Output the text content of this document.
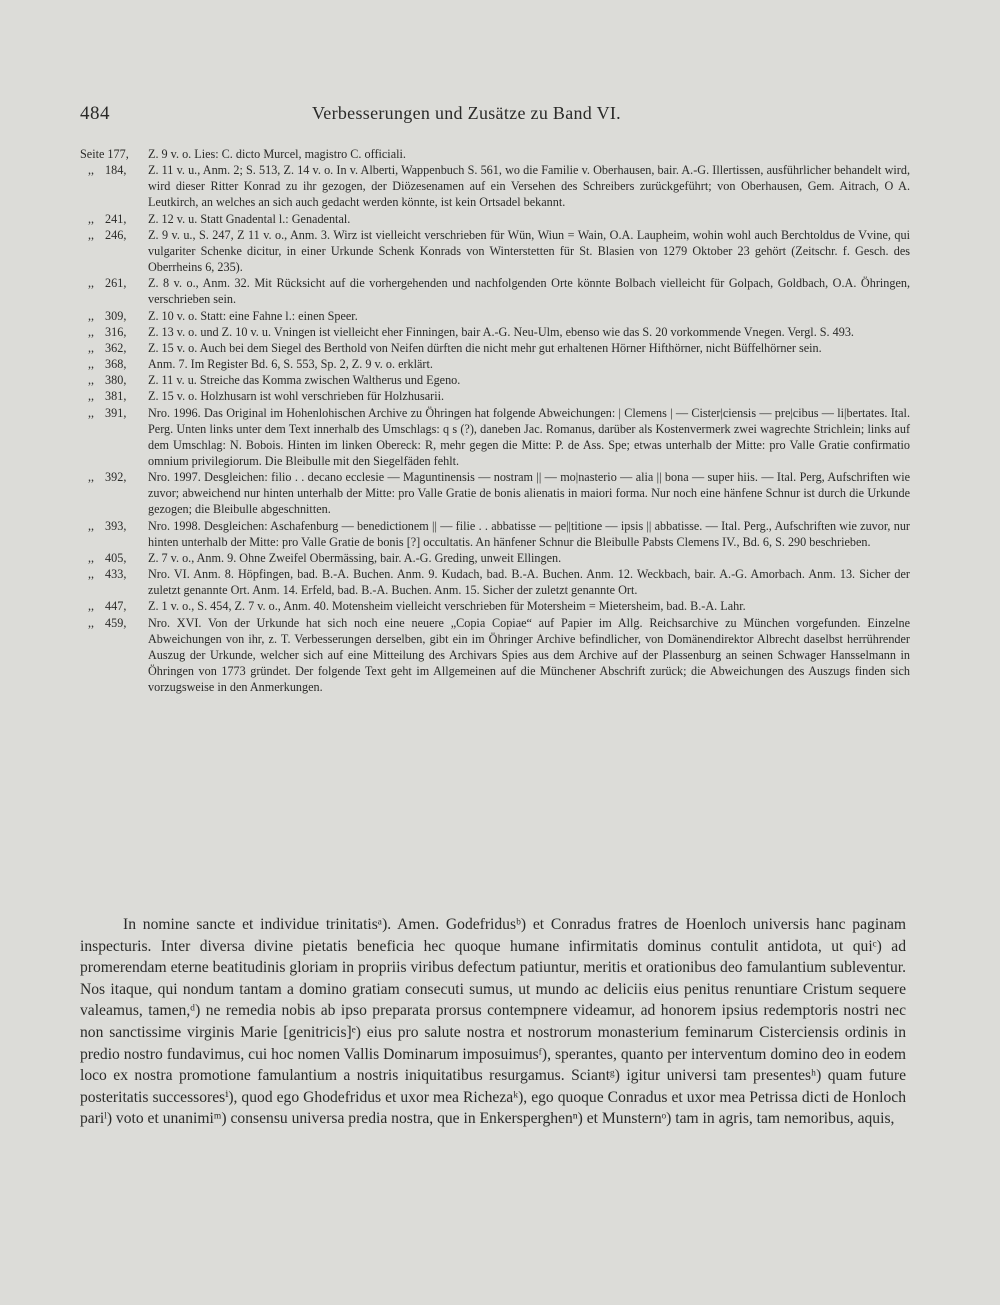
484	Verbesserungen und Zusätze zu Band VI.
Seite 177,	Z. 9 v. o. Lies: C. dicto Murcel, magistro C. officiali.
,, 184,	Z. 11 v. u., Anm. 2; S. 513, Z. 14 v. o. In v. Alberti, Wappenbuch S. 561, wo die Familie v. Oberhausen, bair. A.-G. Illertissen, ausführlicher behandelt wird, wird dieser Ritter Konrad zu ihr gezogen, der Diözesenamen auf ein Versehen des Schreibers zurückgeführt; von Oberhausen, Gem. Aitrach, O A. Leutkirch, an welches an sich auch gedacht werden könnte, ist kein Ortsadel bekannt.
,, 241,	Z. 12 v. u. Statt Gnadental l.: Genadental.
,, 246,	Z. 9 v. u., S. 247, Z 11 v. o., Anm. 3. Wirz ist vielleicht verschrieben für Wün, Wiun = Wain, O.A. Laupheim, wohin wohl auch Berchtoldus de Vvine, qui vulgariter Schenke dicitur, in einer Urkunde Schenk Konrads von Winterstetten für St. Blasien von 1279 Oktober 23 gehört (Zeitschr. f. Gesch. des Oberrheins 6, 235).
,, 261,	Z. 8 v. o., Anm. 32. Mit Rücksicht auf die vorhergehenden und nachfolgenden Orte könnte Bolbach vielleicht für Golpach, Goldbach, O.A. Öhringen, verschrieben sein.
,, 309,	Z. 10 v. o. Statt: eine Fahne l.: einen Speer.
,, 316,	Z. 13 v. o. und Z. 10 v. u. Vningen ist vielleicht eher Finningen, bair A.-G. Neu-Ulm, ebenso wie das S. 20 vorkommende Vnegen. Vergl. S. 493.
,, 362,	Z. 15 v. o. Auch bei dem Siegel des Berthold von Neifen dürften die nicht mehr gut erhaltenen Hörner Hifthörner, nicht Büffelhörner sein.
,, 368,	Anm. 7. Im Register Bd. 6, S. 553, Sp. 2, Z. 9 v. o. erklärt.
,, 380,	Z. 11 v. u. Streiche das Komma zwischen Waltherus und Egeno.
,, 381,	Z. 15 v. o. Holzhusarn ist wohl verschrieben für Holzhusarii.
,, 391,	Nro. 1996. Das Original im Hohenlohischen Archive zu Öhringen hat folgende Abweichungen: | Clemens | — Cister|ciensis — pre|cibus — li|bertates. Ital. Perg. Unten links unter dem Text innerhalb des Umschlags: q s (?), daneben Jac. Romanus, darüber als Kostenvermerk zwei wagrechte Strichlein; links auf dem Umschlag: N. Bobois. Hinten im linken Obereck: R, mehr gegen die Mitte: P. de Ass. Spe; etwas unterhalb der Mitte: pro Valle Gratie confirmatio omnium privilegiorum. Die Bleibulle mit den Siegelfäden fehlt.
,, 392,	Nro. 1997. Desgleichen: filio . . decano ecclesie — Maguntinensis — nostram || — mo|nasterio — alia || bona — super hiis. — Ital. Perg, Aufschriften wie zuvor; abweichend nur hinten unterhalb der Mitte: pro Valle Gratie de bonis alienatis in maiori forma. Nur noch eine hänfene Schnur ist durch die Urkunde gezogen; die Bleibulle abgeschnitten.
,, 393,	Nro. 1998. Desgleichen: Aschafenburg — benedictionem || — filie . . abbatisse — pe||titione — ipsis || abbatisse. — Ital. Perg., Aufschriften wie zuvor, nur hinten unterhalb der Mitte: pro Valle Gratie de bonis [?] occultatis. An hänfener Schnur die Bleibulle Pabsts Clemens IV., Bd. 6, S. 290 beschrieben.
,, 405,	Z. 7 v. o., Anm. 9. Ohne Zweifel Obermässing, bair. A.-G. Greding, unweit Ellingen.
,, 433,	Nro. VI. Anm. 8. Höpfingen, bad. B.-A. Buchen. Anm. 9. Kudach, bad. B.-A. Buchen. Anm. 12. Weckbach, bair. A.-G. Amorbach. Anm. 13. Sicher der zuletzt genannte Ort. Anm. 14. Erfeld, bad. B.-A. Buchen. Anm. 15. Sicher der zuletzt genannte Ort.
,, 447,	Z. 1 v. o., S. 454, Z. 7 v. o., Anm. 40. Motensheim vielleicht verschrieben für Motersheim = Mietersheim, bad. B.-A. Lahr.
,, 459,	Nro. XVI. Von der Urkunde hat sich noch eine neuere „Copia Copiae“ auf Papier im Allg. Reichsarchive zu München vorgefunden. Einzelne Abweichungen von ihr, z. T. Verbesserungen derselben, gibt ein im Öhringer Archive befindlicher, von Domänendirektor Albrecht daselbst herrührender Auszug der Urkunde, welcher sich auf eine Mitteilung des Archivars Spies aus dem Archive auf der Plassenburg an seinen Schwager Hansselmann in Öhringen von 1773 gründet. Der folgende Text geht im Allgemeinen auf die Münchener Abschrift zurück; die Abweichungen des Auszugs finden sich vorzugsweise in den Anmerkungen.

In nomine sancte et individue trinitatisᵃ). Amen. Godefridusᵇ) et Conradus fratres de Hoenloch universis hanc paginam inspecturis. Inter diversa divine pietatis beneficia hec quoque humane infirmitatis dominus contulit antidota, ut quiᶜ) ad promerendam eterne beatitudinis gloriam in propriis viribus defectum patiuntur, meritis et orationibus deo famulantium subleventur. Nos itaque, qui nondum tantam a domino gratiam consecuti sumus, ut mundo ac deliciis eius penitus renuntiare Cristum sequere valeamus, tamen,ᵈ) ne remedia nobis ab ipso preparata prorsus contempnere videamur, ad honorem ipsius redemptoris nostri nec non sanctissime virginis Marie [genitricis]ᵉ) eius pro salute nostra et nostrorum monasterium feminarum Cisterciensis ordinis in predio nostro fundavimus, cui hoc nomen Vallis Dominarum imposuimusᶠ), sperantes, quanto per interventum domino deo in eodem loco ex nostra promotione famulantium a nostris iniquitatibus resurgamus. Sciantᵍ) igitur universi tam presentesʰ) quam future posteritatis successoresⁱ), quod ego Ghodefridus et uxor mea Richezaᵏ), ego quoque Conradus et uxor mea Petrissa dicti de Honloch pariˡ) voto et unanimiᵐ) consensu universa predia nostra, que in Enkersperghenⁿ) et Munsternᵒ) tam in agris, tam nemoribus, aquis,
